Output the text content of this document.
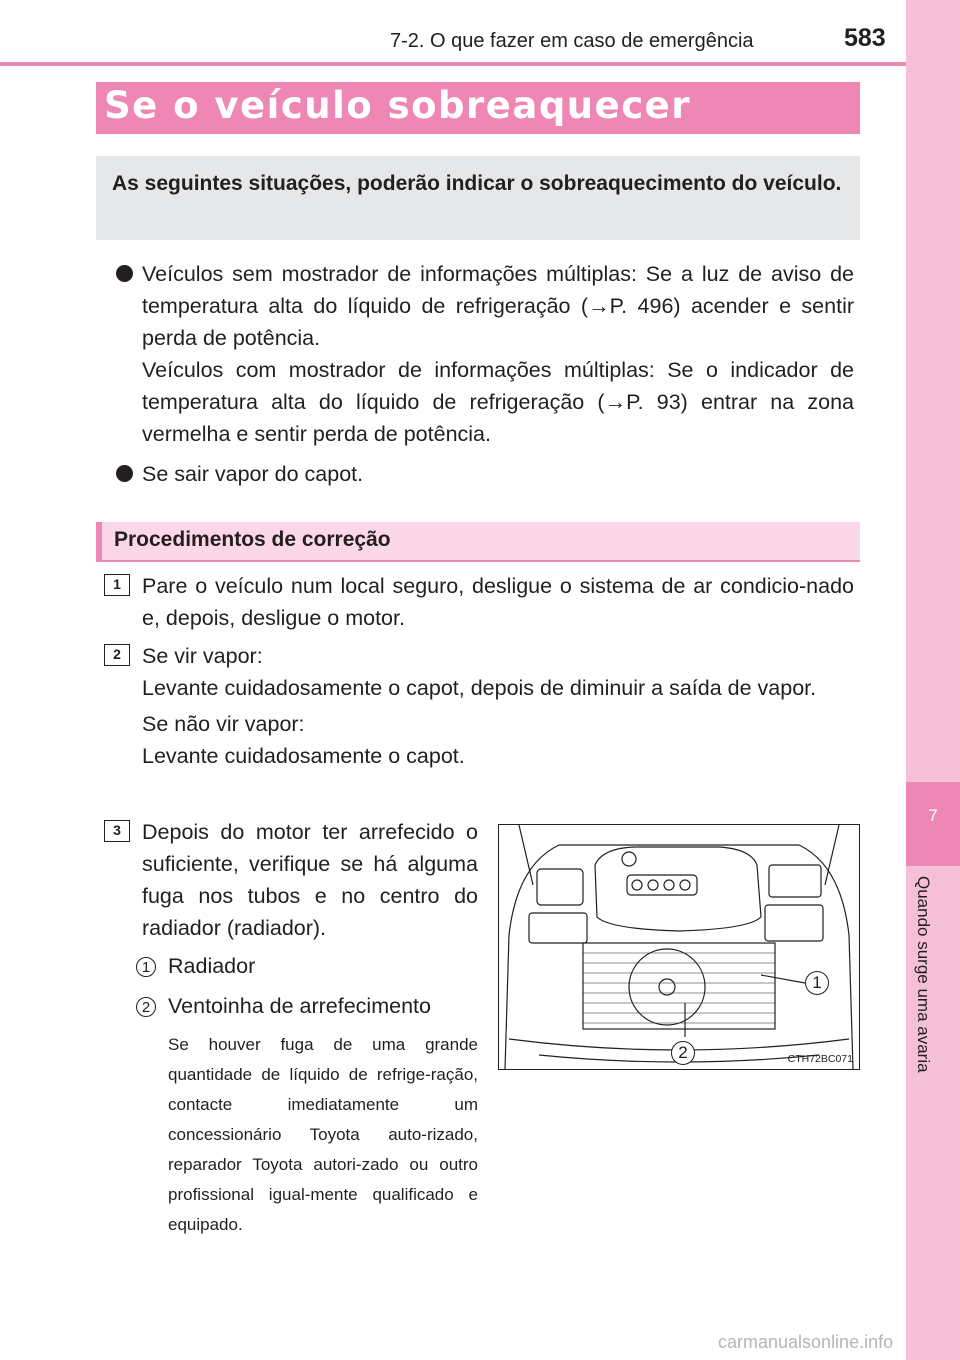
7
Quando surge uma avaria
7-2. O que fazer em caso de emergência	583
Se o veículo sobreaquecer
As seguintes situações, poderão indicar o sobreaquecimento do veículo.

Veículos sem mostrador de informações múltiplas: Se a luz de aviso de temperatura alta do líquido de refrigeração (→P. 496) acender e sentir perda de potência.

Veículos com mostrador de informações múltiplas: Se o indicador de temperatura alta do líquido de refrigeração (→P. 93) entrar na zona vermelha e sentir perda de potência.

Se sair vapor do capot.

Procedimentos de correção
1 Pare o veículo num local seguro, desligue o sistema de ar condicio-nado e, depois, desligue o motor.

2 Se vir vapor:

Levante cuidadosamente o capot, depois de diminuir a saída de vapor.

Se não vir vapor:

Levante cuidadosamente o capot.

3 Depois do motor ter arrefecido o suficiente, verifique se há alguma fuga nos tubos e no centro do radiador (radiador).
1 Radiador
2 Ventoinha de arrefecimento
Se houver fuga de uma grande quantidade de líquido de refrige-ração, contacte imediatamente um concessionário Toyota auto-rizado, reparador Toyota autori-zado ou outro profissional igual-mente qualificado e equipado.
1
2	CTH72BC071
carmanualsonline.info
